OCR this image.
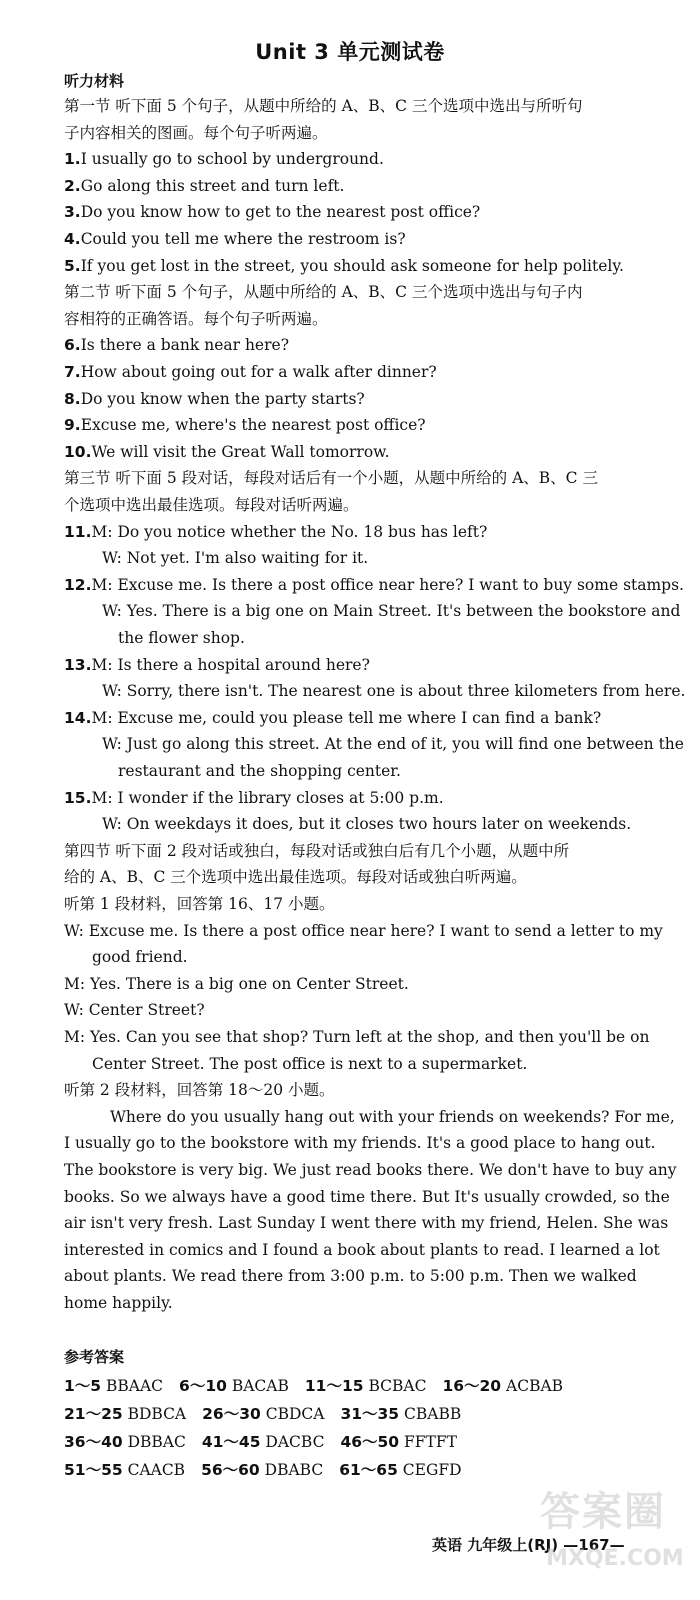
Unit 3 单元测试卷
听力材料
第一节 听下面 5 个句子，从题中所给的 A、B、C 三个选项中选出与所听句
子内容相关的图画。每个句子听两遍。
1.I usually go to school by underground.
2.Go along this street and turn left.
3.Do you know how to get to the nearest post office?
4.Could you tell me where the restroom is?
5.If you get lost in the street, you should ask someone for help politely.
第二节 听下面 5 个句子，从题中所给的 A、B、C 三个选项中选出与句子内
容相符的正确答语。每个句子听两遍。
6.Is there a bank near here?
7.How about going out for a walk after dinner?
8.Do you know when the party starts?
9.Excuse me, where's the nearest post office?
10.We will visit the Great Wall tomorrow.
第三节 听下面 5 段对话，每段对话后有一个小题，从题中所给的 A、B、C 三
个选项中选出最佳选项。每段对话听两遍。
11.M: Do you notice whether the No. 18 bus has left?
W: Not yet. I'm also waiting for it.
12.M: Excuse me. Is there a post office near here? I want to buy some stamps.
W: Yes. There is a big one on Main Street. It's between the bookstore and
the flower shop.
13.M: Is there a hospital around here?
W: Sorry, there isn't. The nearest one is about three kilometers from here.
14.M: Excuse me, could you please tell me where I can find a bank?
W: Just go along this street. At the end of it, you will find one between the
restaurant and the shopping center.
15.M: I wonder if the library closes at 5:00 p.m.
W: On weekdays it does, but it closes two hours later on weekends.
第四节 听下面 2 段对话或独白，每段对话或独白后有几个小题，从题中所
给的 A、B、C 三个选项中选出最佳选项。每段对话或独白听两遍。
听第 1 段材料，回答第 16、17 小题。
W: Excuse me. Is there a post office near here? I want to send a letter to my
good friend.
M: Yes. There is a big one on Center Street.
W: Center Street?
M: Yes. Can you see that shop? Turn left at the shop, and then you'll be on
Center Street. The post office is next to a supermarket.
听第 2 段材料，回答第 18～20 小题。
Where do you usually hang out with your friends on weekends? For me,
I usually go to the bookstore with my friends. It's a good place to hang out.
The bookstore is very big. We just read books there. We don't have to buy any
books. So we always have a good time there. But It's usually crowded, so the
air isn't very fresh. Last Sunday I went there with my friend, Helen. She was
interested in comics and I found a book about plants to read. I learned a lot
about plants. We read there from 3:00 p.m. to 5:00 p.m. Then we walked
home happily.
参考答案
1～5 BBAAC 6～10 BACAB 11～15 BCBAC 16～20 ACBAB
21～25 BDBCA 26～30 CBDCA 31～35 CBABB
36～40 DBBAC 41～45 DACBC 46～50 FFTFT
51～55 CAACB 56～60 DBABC 61～65 CEGFD
英语 九年级上(RJ) —167—
答案圈
MXQE.COM
